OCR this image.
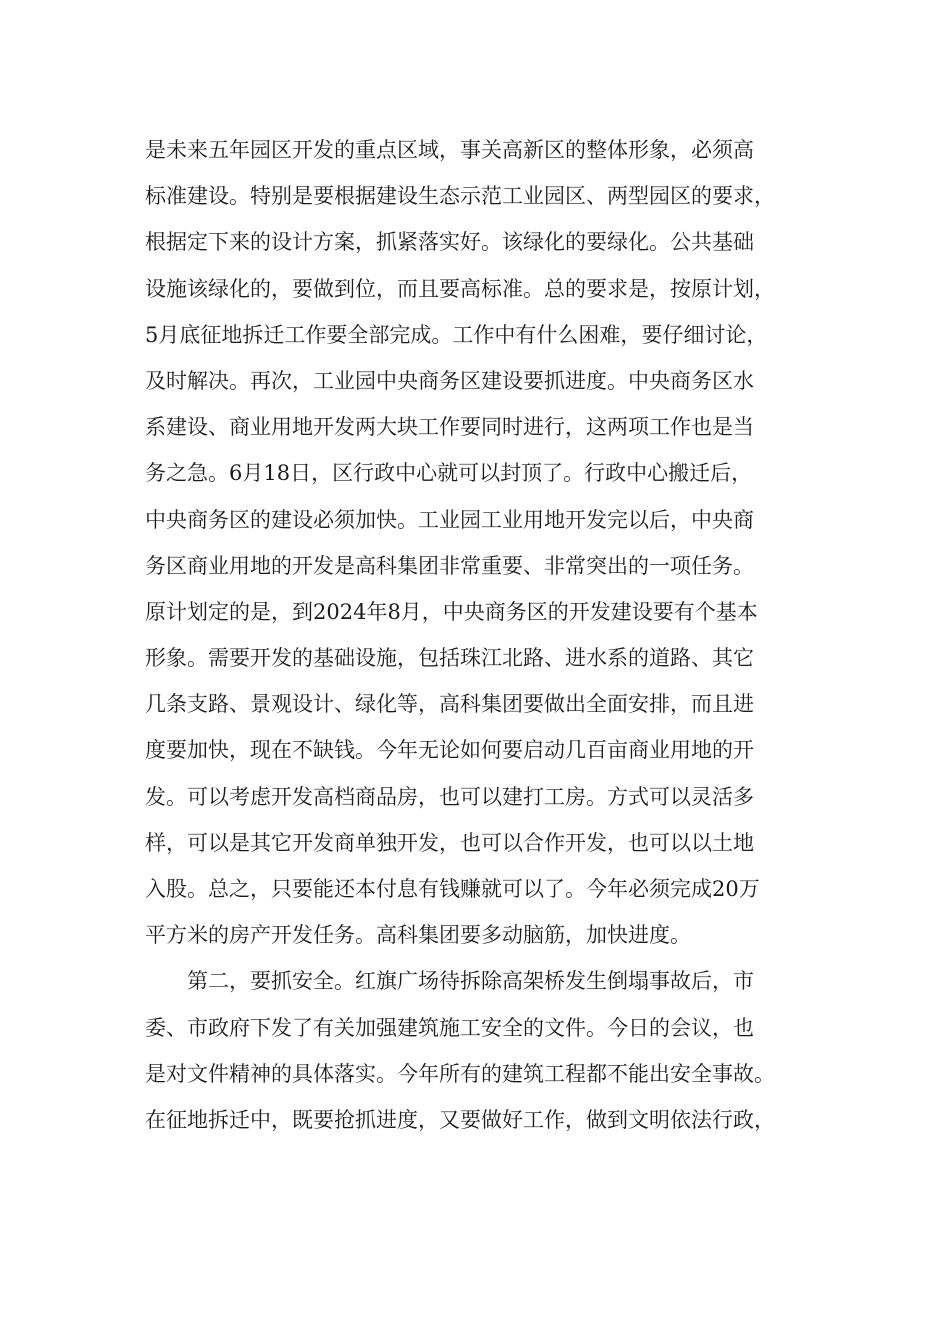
是未来五年园区开发的重点区域，事关高新区的整体形象，必须高
标准建设。特别是要根据建设生态示范工业园区、两型园区的要求，
根据定下来的设计方案，抓紧落实好。该绿化的要绿化。公共基础
设施该绿化的，要做到位，而且要高标准。总的要求是，按原计划，
5月底征地拆迁工作要全部完成。工作中有什么困难，要仔细讨论，
及时解决。再次，工业园中央商务区建设要抓进度。中央商务区水
系建设、商业用地开发两大块工作要同时进行，这两项工作也是当
务之急。6月18日，区行政中心就可以封顶了。行政中心搬迁后，
中央商务区的建设必须加快。工业园工业用地开发完以后，中央商
务区商业用地的开发是高科集团非常重要、非常突出的一项任务。
原计划定的是，到2024年8月，中央商务区的开发建设要有个基本
形象。需要开发的基础设施，包括珠江北路、进水系的道路、其它
几条支路、景观设计、绿化等，高科集团要做出全面安排，而且进
度要加快，现在不缺钱。今年无论如何要启动几百亩商业用地的开
发。可以考虑开发高档商品房，也可以建打工房。方式可以灵活多
样，可以是其它开发商单独开发，也可以合作开发，也可以以土地
入股。总之，只要能还本付息有钱赚就可以了。今年必须完成20万
平方米的房产开发任务。高科集团要多动脑筋，加快进度。
　　第二，要抓安全。红旗广场待拆除高架桥发生倒塌事故后，市
委、市政府下发了有关加强建筑施工安全的文件。今日的会议，也
是对文件精神的具体落实。今年所有的建筑工程都不能出安全事故。
在征地拆迁中，既要抢抓进度，又要做好工作，做到文明依法行政，
